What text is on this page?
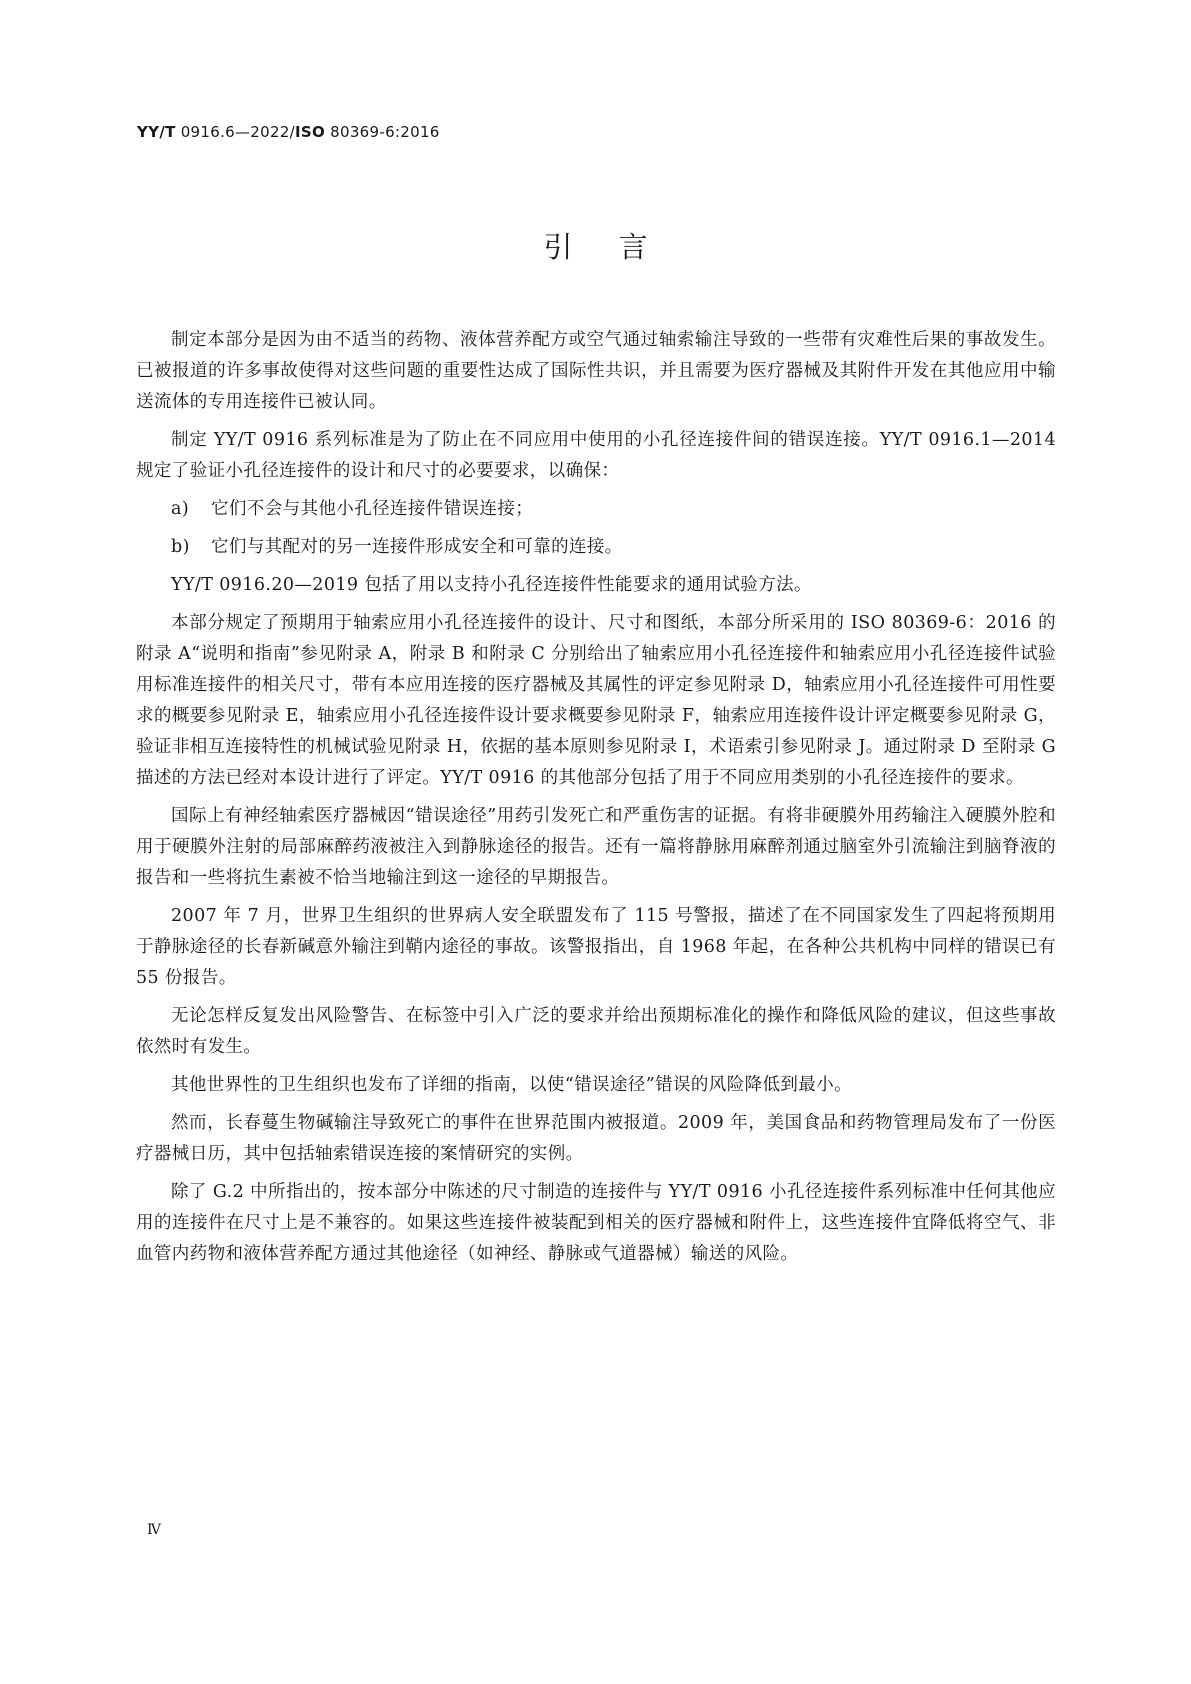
YY/T 0916.6—2022/ISO 80369-6:2016
引言

制定本部分是因为由不适当的药物、液体营养配方或空气通过轴索输注导致的一些带有灾难性后果的事故发生。已被报道的许多事故使得对这些问题的重要性达成了国际性共识，并且需要为医疗器械及其附件开发在其他应用中输送流体的专用连接件已被认同。

制定 YY/T 0916 系列标准是为了防止在不同应用中使用的小孔径连接件间的错误连接。YY/T 0916.1—2014 规定了验证小孔径连接件的设计和尺寸的必要要求，以确保：

a) 它们不会与其他小孔径连接件错误连接；

b) 它们与其配对的另一连接件形成安全和可靠的连接。

YY/T 0916.20—2019 包括了用以支持小孔径连接件性能要求的通用试验方法。

本部分规定了预期用于轴索应用小孔径连接件的设计、尺寸和图纸，本部分所采用的 ISO 80369-6：2016 的附录 A“说明和指南”参见附录 A，附录 B 和附录 C 分别给出了轴索应用小孔径连接件和轴索应用小孔径连接件试验用标准连接件的相关尺寸，带有本应用连接的医疗器械及其属性的评定参见附录 D，轴索应用小孔径连接件可用性要求的概要参见附录 E，轴索应用小孔径连接件设计要求概要参见附录 F，轴索应用连接件设计评定概要参见附录 G，验证非相互连接特性的机械试验见附录 H，依据的基本原则参见附录 I，术语索引参见附录 J。通过附录 D 至附录 G 描述的方法已经对本设计进行了评定。YY/T 0916 的其他部分包括了用于不同应用类别的小孔径连接件的要求。

国际上有神经轴索医疗器械因“错误途径”用药引发死亡和严重伤害的证据。有将非硬膜外用药输注入硬膜外腔和用于硬膜外注射的局部麻醉药液被注入到静脉途径的报告。还有一篇将静脉用麻醉剂通过脑室外引流输注到脑脊液的报告和一些将抗生素被不恰当地输注到这一途径的早期报告。

2007 年 7 月，世界卫生组织的世界病人安全联盟发布了 115 号警报，描述了在不同国家发生了四起将预期用于静脉途径的长春新碱意外输注到鞘内途径的事故。该警报指出，自 1968 年起，在各种公共机构中同样的错误已有 55 份报告。

无论怎样反复发出风险警告、在标签中引入广泛的要求并给出预期标准化的操作和降低风险的建议，但这些事故依然时有发生。

其他世界性的卫生组织也发布了详细的指南，以使“错误途径”错误的风险降低到最小。

然而，长春蔓生物碱输注导致死亡的事件在世界范围内被报道。2009 年，美国食品和药物管理局发布了一份医疗器械日历，其中包括轴索错误连接的案情研究的实例。

除了 G.2 中所指出的，按本部分中陈述的尺寸制造的连接件与 YY/T 0916 小孔径连接件系列标准中任何其他应用的连接件在尺寸上是不兼容的。如果这些连接件被装配到相关的医疗器械和附件上，这些连接件宜降低将空气、非血管内药物和液体营养配方通过其他途径（如神经、静脉或气道器械）输送的风险。

Ⅳ
